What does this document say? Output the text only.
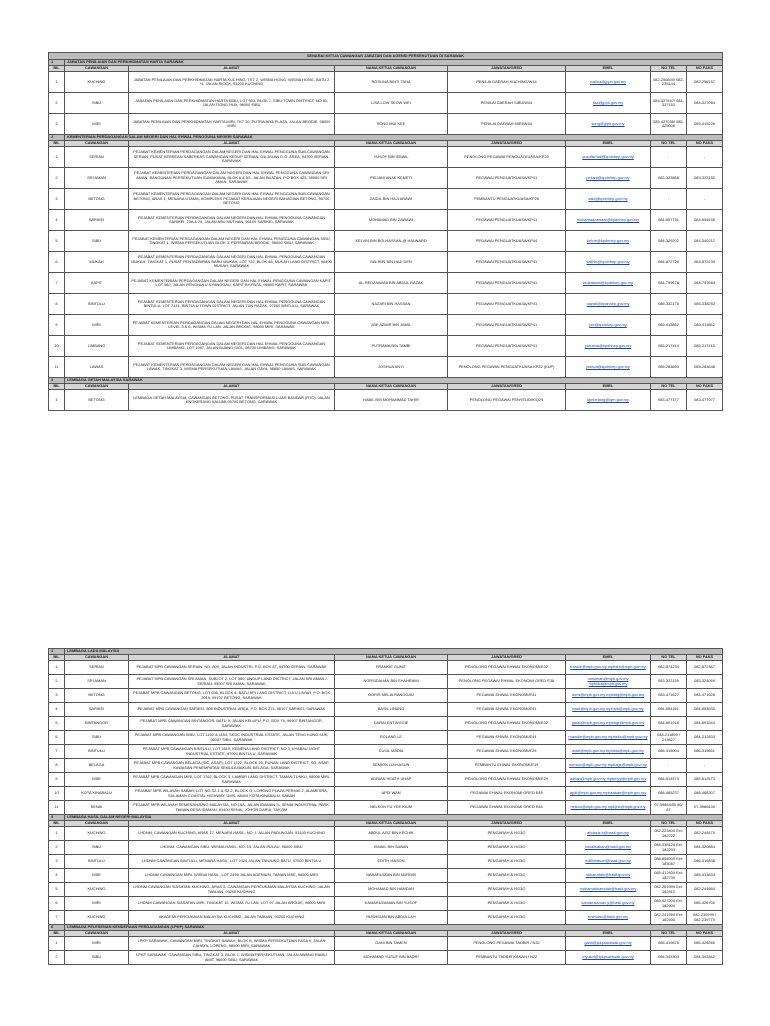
SENARAI KETUA CAWANGAN JABATAN DAN AGENSI PERSEKUTUAN DI SARAWAK							
1	JABATAN PENILAIAN DAN PERKHIDMATAN HARTA SARAWAK						
BIL	CAWANGAN	ALAMAT	NAMA KETUA CAWANGAN	JAWATAN/GRED	EMEL	NO TEL	NO FAKS
1	KUCHING	JABATAN PENILAIAN DAN PERKHIDMATAN HARTA KUCHING, TKT 2, WISMA HONG, WISMA HONG, BATU 2 ½, JALAN RIOCK, 93200 KUCHING	ROSLINA BINTI TAHA	PENILAI DAERAH KUCHING/W44	roslina@jpph.gov.my	082-255800/ 082-235144	082-256157
2	SIBU	JABATAN PENILAIAN DAN PERKHIDMATAN HARTA SIBU, LOT 903, BLOK 7, SIBU TOWN DISTRICT, NO.60, JALAN TIONG HUA, 96000 SIBU	LISA LOW SEOW WEI	PENILAI DAERAH SIBU/W44	lisa@jpph.gov.my	084-327467/ 084-327151	084-327064
3	MIRI	JABATAN PENILAIAN DAN PERKHIDMATAN HARTA MIRI, TKT 10, PUTRAJAYA PLAZA, JALAN BRODIE, 98000 MIRI	SONG MUI KEE	PENILAI DAERAH MIRI/W44	song@jpph.gov.my	085-427036/ 085-425006	085-415226
2	KEMENTERIAN PERDAGANGAN DALAM NEGERI DAN HAL EHWAL PENGGUNA NEGERI SARAWAK						
BIL	CAWANGAN	ALAMAT	NAMA KETUA CAWANGAN	JAWATAN/GRED	EMEL	NO TEL	NO FAKS
1	SERIAN	PEJABAT KEMENTERIAN PERDAGANGAN DALAM NEGERI DAN HAL EHWAL PENGGUNA SUB-CAWANGAN SERIAN, PUSAT KEBREAN SABERKAS CAWANGAN KEDUP SERIAN, 0/A JALAN D.O. AREA, 94700 SERIAN, SARAWAK	YUSOF BIN ISMAIL	PENOLONG PEGAWAI PENGUATKUASA/KP29	yusofismail@kpdnhep.gov.my	-	-
2	SRI AMAN	PEJABAT KEMENTERIAN PERDAGANGAN DALAM NEGERI DAN HAL EHWAL PENGGUNA CAWANGAN SRI AMAN, BANGUNAN PERSEKUTUAN SUMAKAWA, BLOK 6 & 5S, JALAN BUATAN, P.O BOX 425, 95000 SRI AMAN, SARAWAK	PELIANI ANAK KEMETI	PEGAWAI PENGUATKUASA/KP41	peliani@kpdnhep.gov.my	083-322866	083-323150
3	BETONG	PEJABAT KEMENTERIAN PERDAGANGAN DALAM NEGERI DAN HAL EHWAL PENGGUNA SUB-CAWANGAN BETONG, ARAS 1, MENARA UTAMA, KOMPLEKS PEJABAT KERAJAAN NEGERI BAHAGIAN BETONG, 95700 BETONG	ZAIDIL BIN HAJI ARAWI	PEMBANTU PENGUATKUASA/KP26	zaid@kpdnhep.gov.my	-	-
4	SARIKEI	PEJABAT KEMENTERIAN PERDAGANGAN DALAM NEGERI DAN HAL EHWAL PENGGUNA CAWANGAN SARIKEI, 23A & 25, JALAN ABU MUTHAN, 96100 SARIKEI, SARAWAK	MOHAMAD BIN ZAWAWI	PEGAWAI PENGUATKUASA/KP41	mohamadzawawi@kpdnhep.gov.my	084-657751	084-654455
5	SIBU	PEJABAT KEMENTERIAN PERDAGANGAN DALAM NEGERI DAN HAL EHWAL PENGGUNA CAWANGAN SIBU, TINGKAT 1, WISMA PERSEKUTUAN BLOK 3, PERSIARAN BRODIE, 96000 SIBU, SARAWAK	KELVIN BIN BOLHASSAN @ HALWARD	PEGAWAI PENGUATKUASA/KP44	kelvin@kpdnhep.gov.my	084-329202	084-340212
6	MUKAH	PEJABAT KEMENTERIAN PERDAGANGAN DALAM NEGERI DAN HAL EHWAL PENGGUNA CAWANGAN MUKAH, TINGKAT 1, PUSAT PENTADBIRAN BARU MUKAH, LOT 722, BLOK 68, MUKAH LAND DISTRICT, 96400 MUKAH, SARAWAK	SALIHIN BIN HAJI DEN	PEGAWAI PENGUATKUASA/KP41	salihin@kpdnhep.gov.my	084-872726	084-872239
7	KAPIT	PEJABAT KEMENTERIAN PERDAGANGAN DALAM NEGERI DAN HAL EHWAL PENGGUNA CAWANGAN KAPIT, LOT 562, JALAN PENGHULU NYANGGAU, KAPIT BY-PASS, 96800 KAPIT, SARAWAK	AL-REDZAWANI BIN ABDUL RAZAK	PEGAWAI PENGUATKUASA/KP41	redzawani@kpdnhep.gov.my	084-799678	084-797664
8	BINTULU	PEJABAT KEMENTERIAN PERDAGANGAN DALAM NEGERI DAN HAL EHWAL PENGGUNA CAWANGAN BINTULU, LOT 2141, BINTULU TOWN DISTRICT, JALAN TUN RAZAK, 97000 BINTULU, SARAWAK	NAZARI BIN HASSAN	PEGAWAI PENGUATKUASA/KP41	nazari@kpdnhep.gov.my	086-332176	086-338252
9	MIRI	PEJABAT KEMENTERIAN PERDAGANGAN DALAM NEGERI DAN HAL EHWAL PENGGUNA CAWANGAN MIRI, LEVEL 5 & 6, WISMA YU LAN, JALAN BRODIE, 98000 MIRI, SARAWAK	JOE AZMIR BIN JAMIL	PEGAWAI PENGUATKUASA/KP41	joe@kpdnhep.gov.my	085-413862	085-411862
10	LIMBANG	PEJABAT KEMENTERIAN PERDAGANGAN DALAM NEGERI DAN HAL EHWAL PENGGUNA CAWANGAN LIMBANG, LOT 1987, JALAN BUANG SIOL, 98700 LIMBANG, SARAWAK	PUTRAMA BIN TAMBI	PEGAWAI PENGUATKUASA/KP41	putrama@kpdnhep.gov.my	085-217414	085-217415
11	LAWAS	PEJABAT KEMENTERIAN PERDAGANGAN DALAM NEGERI DAN HAL EHWAL PENGGUNA SUB-CAWANGAN LAWAS, TINGKAT 3, WISMA PERSEKUTUAN LAWAS, JALAN GAYA, 98850 LAWAS, SARAWAK	JOSHUA ANYI	PENOLONG PEGAWAI PENGUATKUASA KP32 (KUP)	joshua@kpdnhep.gov.my	085-283650	085-283648
3	LEMBAGA GETAH MALAYSIA SARAWAK						
BIL	CAWANGAN	ALAMAT	NAMA KETUA CAWANGAN	JAWATAN/GRED	EMEL	NO TEL	NO FAKS
1	BETONG	LEMBAGA GETAH MALAYSIA, CAWANGAN BETONG, PUSAT TRANSFORMASI LUAR BANDAR (RTC), JALAN ENGKERANG KALUMI,95700 BETONG, SARAWAK	HABIL BIN MOHAMMAD TAHIR	PENOLONG PEGAWAI PENYELIDIK/Q29	lgmbetong@lgm.gov.my	083-477177	083-477077
4	LEMBAGA LADA MALAYSIA						
BIL	CAWANGAN	ALAMAT	NAMA KETUA CAWANGAN	JAWATAN/GRED	EMEL	NO TEL	NO FAKS
1	SERIAN	PEJABAT MPB CAWANGAN SERIAN, NO. 809, JALAN INDUSTRI, P.O. BOX 87, 94700 SERIAN, SARAWAK	FRANKIE GUNIT	PENOLONG PEGAWAI EHWAL EKONOMI/E32	frankie@mpb.gov.my mpbsrn@mpb.gov.my	082-874234	082-872387
2	SRI AMAN	PEJABAT MPB CAWANGAN SRI AMAN, SUBLOT 2, LOT 580, UNDUP LAND DISTRICT, JALAN SRI AMAN / SERIAN, 95007 SRI AMAN, SARAWAK	NORSIDAHAN BIN SHAHRAIM	PENOLONG PEGAWAI EHWAL EKONOMI GRED E38	norsiman@mpb.gov.my mpbbka@mpb.gov.my	083-322159	083-324069
3	BETONG	PEJABAT MPB CAWANGAN BETONG, LOT 635, BLOCK 4, BATU API LAND DISTRICT, LULU LAYAR, P.O. BOX 2019, 95707 BETONG, SARAWAK	DORIS MELIA RANGGAU	PEGAWAI EHWAL EKONOMI/E41	doris@mpb.gov.my mpbbtg@mpb.gov.my	083-471627	083-471628
4	SARIKEI	PEJABAT MPB CAWANGAN SARIKEI, 805 INDUSTRIAL AREA, P.O. BOX 274, 96107 SARIKEI, SARAWAK	BASIL LINANG	PEGAWAI EHWAL EKONOMI/E41	basil@mpb.gov.my mpbsrk@mpb.gov.my	084-654161	084-653530
5	BINTANGOR	PEJABAT MPB CAWANGAN BINTANGOR, BATU 9, JALAN KELUPU, P.O. BOX 74, 96507 BINTANGOR, SARAWAK	GARAI ENTINGGIE	PENOLONG PEGAWAI EHWAL EKONOMI/E32	garai@mpb.gov.my mpbbgr@mpb.gov.my	084-691918	084-691544
6	SIBU	PEJABAT MPB CAWANGAN SIBU, LOT 1152 & 1154, SEDC INDUSTRIAL ESTATE, JALAN TENG KUNG SUK, 96007 SIBU, SARAWAK	ROLAND LE	PEGAWAI EHWAL EKONOMI/E44	rolandle@mpb.gov.my mpbsibu@mpb.gov.my	084-211859 / 213827	084-212833
7	BINTULU	PEJABAT MPB CAWANGAN BINTULU, LOT 3510, KEMENA LAND DISTRICT, NO.3, NYABAU LIGHT INDUSTRIAL ESTATE, 97000 BINTULU, SARAWAK	DUSIL MADIA	PEGAWAI EHWAL EKONOMI/E29	dusil@mpb.gov.my mpbbtu@mpb.gov.my	086-315004	086-315651
8	BELAGA	PEJABAT MPB CAWANGAN BELAGA (SIC, ASAP), LOT 1122, BLOCK 26, PUNAN LAND DISTRICT, SG. ASAP, KAWASAN PENEMPATAN SEMULA BAKUN, BELAGA, SARAWAK	SEMION LIAH ASUN	PEMBANTU EHWAL EKONOMI/E19	semion@mpb.gov.my mpbage@mpb.gov.my	-	-
9	MIRI	PEJABAT MPB CAWANGAN MIRI, LOT 1762, BLOCK 5, LAMBIR LAND DISTRICT, TAMAN TUNKU, 98008 MIRI, SARAWAK	ADRIAN HEATH UHAP	PENOLONG PEGAWAI EHWAL EKONOMI/E29	adrian@mpb.gov.my mpbmyy@mpb.gov.my	085-614573	085-612573
10	KOTA KINABALU	PEJABAT MPB WILAYAH SABAH, LOT NO.S2-1 & S2-2, BLOCK G, LORONG PLAZA PERMAI 2, ALAMESRA, SULAMAN COASTAL HIGHWAY, UMS, 88400 KOTA KINABALU, SABAH	APDI WAN	PEGAWAI EHWAL EKONOMI GRED E48	apdi@mpb.gov.my mpbsabah@mpb.gov.my	088-485237	088-485207
11	SENAI	PEJABAT MPB WILAYAH SEMENANJUNG MALAYSIA, NO.16A, JALAN IDAMAN ¾, SENAI INDUSTRIAL PARK, TAMAN DESA IDAMAN, 81400 SENAI, JOHOR DARUL TAKZIM	NELSON FU YEE KIUM	PEGAWAI EHWAL EKONOMI GRED E48	nelson@mpb.gov.my mpbjhb@mpb.gov.my	07-5986445/ 86/ 87	07-5986430
5	LEMBAGA HASIL DALAM NEGERI MALAYSIA						
BIL	CAWANGAN	ALAMAT	NAMA KETUA CAWANGAN	JAWATAN/GRED	EMEL	NO TEL	NO FAKS
1	KUCHING	LHDNM, CAWANGAN KUCHING, ARAS 17, MENARA HASIL, NO. 1 JALAN PADUNGAN, 93100 KUCHING	ABDUL AZIZ BIN KECHIK	PENGARAH & HG3/2	abdaziz.k@hasil.gov.my	082-223400 Ext: 182222	082-244475
2	SIBU	LHDNM, CAWANGAN SIBU, WISMA HASIL, NO. 15, JALAN PULAU, 96000 SIBU	ISMAIL BIN SABAN	PENGARAH & HG3/2	ismailsaban@hasil.gov.my	084-338120 Ext: 182233	084-320884
3	BINTULU	LHDNM CAWANGAN BINTULU, MENARA HASIL, LOT 2424 JALAN TANJUNG BATU, 97000 BINTULU	EDITH MASON	PENGARAH & HG3/2	edithmason@hasil.gov.my	086-854000 Ext: 183087	086-316838
4	MIRI	LHDNM CAWANGAN MIRI, WISMA HASIL, LOT 2496 JALAN ADENIUM, TAMAN MSE, 98000 MIRI	NAHARUDDIN BIN NURDIN	PENGARAH & HG3/2	naharuddin@hasil.gov.my	085-412400 Ext: 182730	085-413834
5	KUCHING	LHDNM CAWANGAN SIASATAN KUCHING, ARAS 5, CAWANGAN PERCUKAIAN MALAYSIA KUCHING, JALAN TABUAN, 93200 KUCHING	MOHAMAD BIN HAMDAH	PENGARAH & HG3/2	mohamadhamdah@hasil.gov.my	082-261999 Ext: 182910	082-244660
6	MIRI	LHDNM CAWANGAN SIASATAN MIRI, TINGKAT 12, WISMA YU LAN, LOT 97 JALAN BRODIE, 98000 MIRI	KAMARUZAMAN BIN YUSOF	PENGARAH & HG3/2	kamaruzaman.y@hasil.gov.my	085-427200 Ext: 182900	085-426700
7	KUCHING	AKADEMI PERCUKAIAN MALAYSIA KUCHING, JALAN TABUAN, 93200 KUCHING	RUSHIDAN BIN ABDULLAH	PENGARAH & HG3/2	rushidan@hasil.gov.my	082-241999 Ext: 182500	082-230999 / 082-239770
6	LEMBAGA PELESENAN KENDERAAN PERDAGANGAN (LPKP) SARAWAK						
BIL	CAWANGAN	ALAMAT	NAMA KETUA CAWANGAN	JAWATAN/GRED	EMEL	NO TEL	NO FAKS
1	MIRI	LPKP SARAWAK, CAWANGAN MIRI, TINGKAT BAWAH, BLOK B, WISMA PERSEKUTUAN FASA II, JALAN CAHAYA, LOPENG, 98000 MIRI, SARAWAK	GANI BIN TAMEN	PENOLONG PEGAWAI TADBIR / N32	ganit@lpkpsarawak.gov.my	085-419876	085-426285
2	SIBU	LPKP SARAWAK, CAWANGAN SIBU, TINGKAT 3, BLOK 1, WISMA PERSEKUTUAN, JALAN AWANG RAMLI AMIT, 96000 SIBU, SARAWAK	MOHAMAD YUSUF BIN BADRI	PEMBANTU TADBIR KANAN / N22	myusof@lpkpsarawak.gov.my	084-343303	084-342842
